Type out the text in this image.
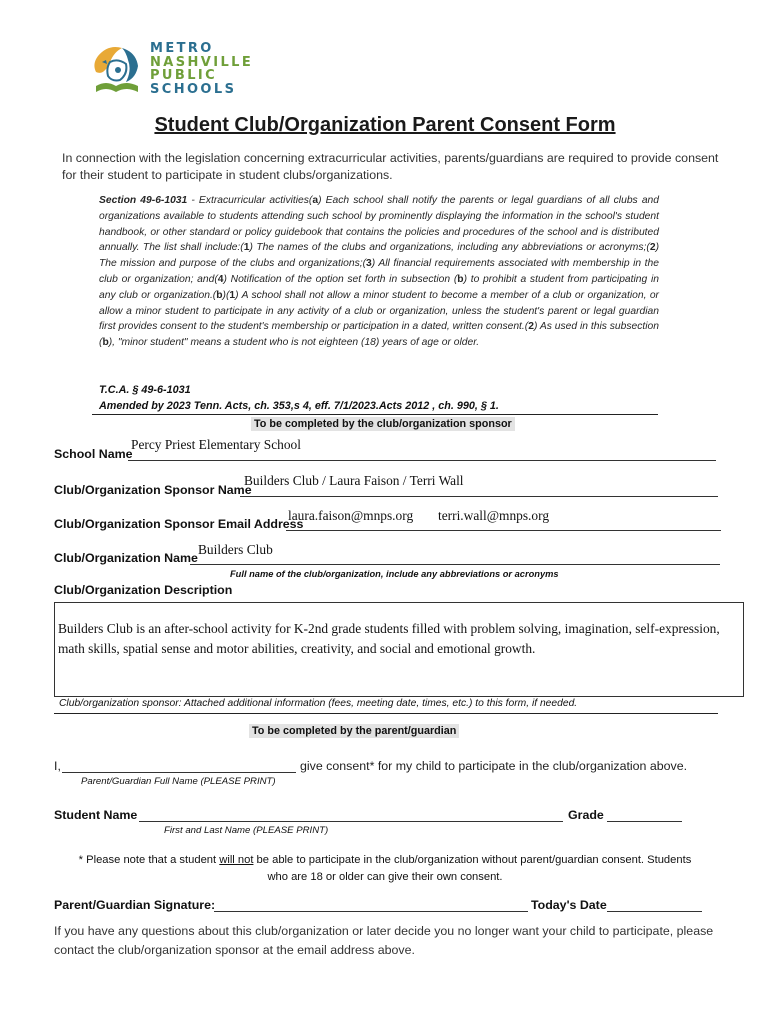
METRO
NASHVILLE
PUBLIC
SCHOOLS
Student Club/Organization Parent Consent Form
In connection with the legislation concerning extracurricular activities, parents/guardians are required to provide consent for their student to participate in student clubs/organizations.
Section 49-6-1031 - Extracurricular activities(a) Each school shall notify the parents or legal guardians of all clubs and organizations available to students attending such school by prominently displaying the information in the school's student handbook, or other standard or policy guidebook that contains the policies and procedures of the school and is distributed annually. The list shall include:(1) The names of the clubs and organizations, including any abbreviations or acronyms;(2) The mission and purpose of the clubs and organizations;(3) All financial requirements associated with membership in the club or organization; and(4) Notification of the option set forth in subsection (b) to prohibit a student from participating in any club or organization.(b)(1) A school shall not allow a minor student to become a member of a club or organization, or allow a minor student to participate in any activity of a club or organization, unless the student's parent or legal guardian first provides consent to the student's membership or participation in a dated, written consent.(2) As used in this subsection (b), "minor student" means a student who is not eighteen (18) years of age or older.
T.C.A. § 49-6-1031
Amended by 2023 Tenn. Acts, ch. 353,s 4, eff. 7/1/2023.Acts 2012 , ch. 990, § 1.
To be completed by the club/organization sponsor
School Name
Percy Priest Elementary School
Club/Organization Sponsor Name
Builders Club / Laura Faison / Terri Wall
Club/Organization Sponsor Email Address
laura.faison@mnps.org terri.wall@mnps.org
Club/Organization Name
Builders Club
Full name of the club/organization, include any abbreviations or acronyms
Club/Organization Description
Builders Club is an after-school activity for K-2nd grade students filled with problem solving, imagination, self-expression, math skills, spatial sense and motor abilities, creativity, and social and emotional growth.
Club/organization sponsor: Attached additional information (fees, meeting date, times, etc.) to this form, if needed.
To be completed by the parent/guardian
I,	give consent* for my child to participate in the club/organization above.
Parent/Guardian Full Name (PLEASE PRINT)
Student Name	Grade
First and Last Name (PLEASE PRINT)
* Please note that a student will not be able to participate in the club/organization without parent/guardian consent. Students
who are 18 or older can give their own consent.
Parent/Guardian Signature:	Today's Date
If you have any questions about this club/organization or later decide you no longer want your child to participate, please contact the club/organization sponsor at the email address above.
